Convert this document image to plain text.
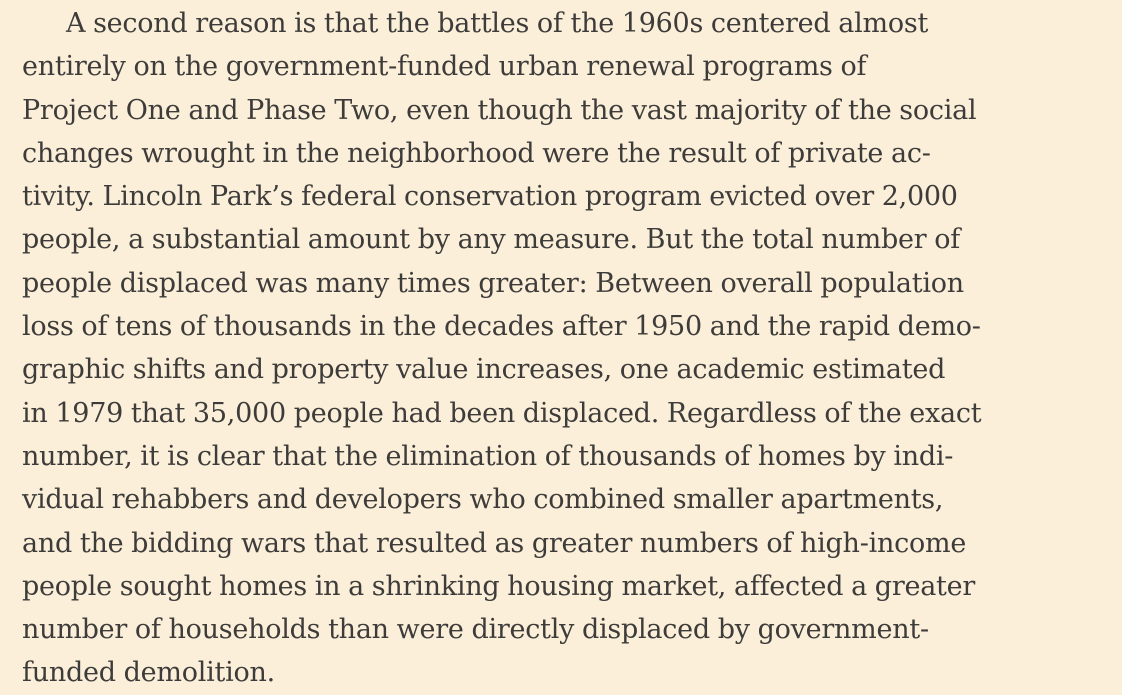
A second reason is that the battles of the 1960s centered almost
entirely on the government-funded urban renewal programs of
Project One and Phase Two, even though the vast majority of the social
changes wrought in the neighborhood were the result of private ac-
tivity. Lincoln Park’s federal conservation program evicted over 2,000
people, a substantial amount by any measure. But the total number of
people displaced was many times greater: Between overall population
loss of tens of thousands in the decades after 1950 and the rapid demo-
graphic shifts and property value increases, one academic estimated
in 1979 that 35,000 people had been displaced. Regardless of the exact
number, it is clear that the elimination of thousands of homes by indi-
vidual rehabbers and developers who combined smaller apartments,
and the bidding wars that resulted as greater numbers of high-income
people sought homes in a shrinking housing market, affected a greater
number of households than were directly displaced by government-
funded demolition.
